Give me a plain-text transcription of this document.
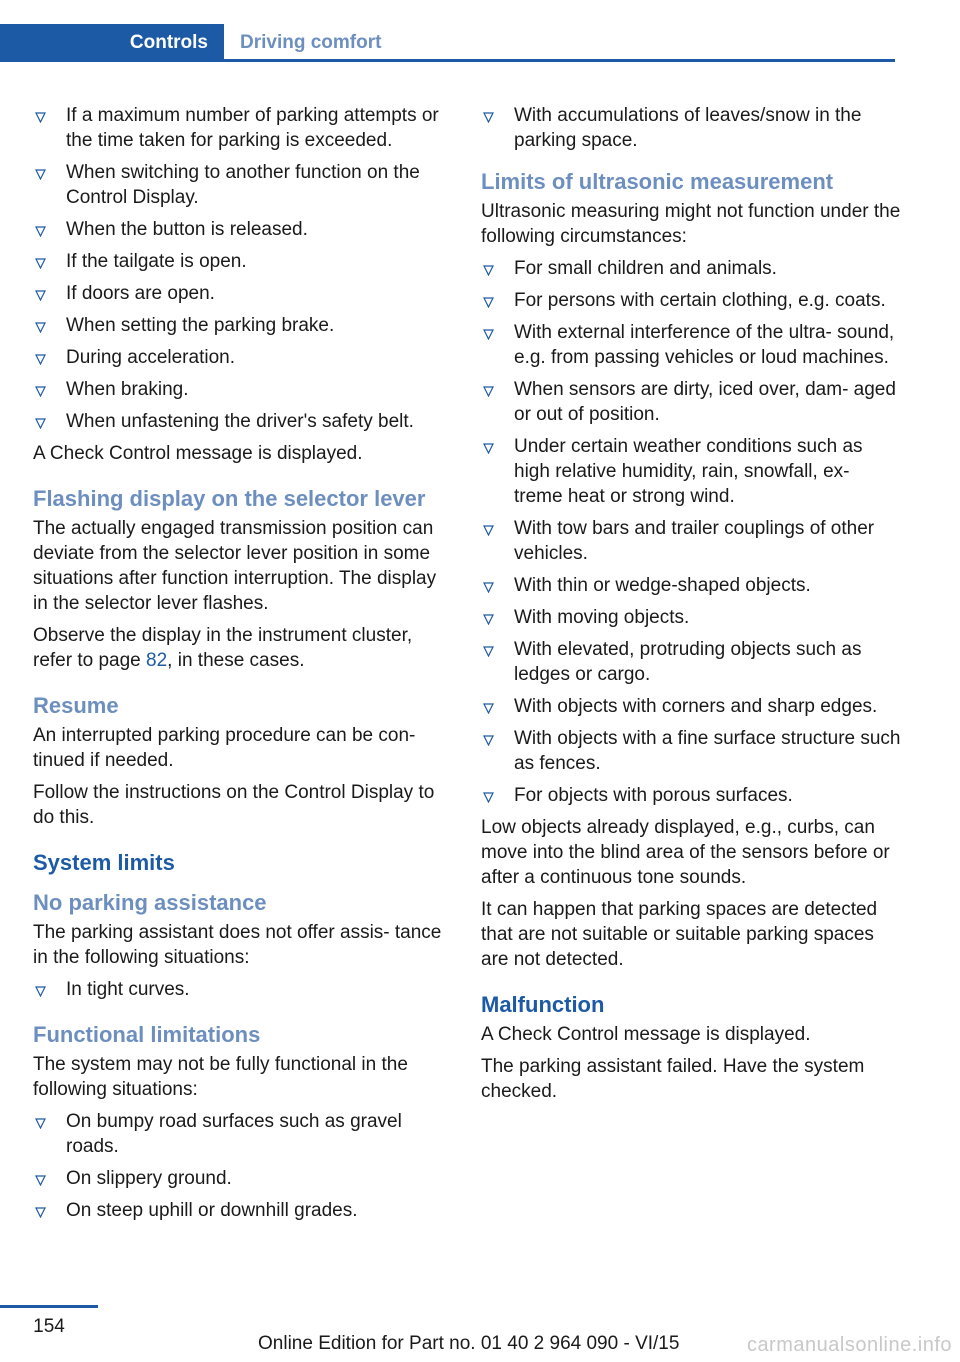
Controls Driving comfort
If a maximum number of parking attempts or the time taken for parking is exceeded.
When switching to another function on the Control Display.
When the button is released.
If the tailgate is open.
If doors are open.
When setting the parking brake.
During acceleration.
When braking.
When unfastening the driver's safety belt.

A Check Control message is displayed.

Flashing display on the selector lever

The actually engaged transmission position can deviate from the selector lever position in some situations after function interruption. The display in the selector lever flashes.

Observe the display in the instrument cluster, refer to page 82, in these cases.

Resume

An interrupted parking procedure can be con‐ tinued if needed.

Follow the instructions on the Control Display to do this.

System limits
No parking assistance

The parking assistant does not offer assis‐ tance in the following situations:

In tight curves.
Functional limitations

The system may not be fully functional in the following situations:

On bumpy road surfaces such as gravel roads.
On slippery ground.
On steep uphill or downhill grades.
With accumulations of leaves/snow in the parking space.
Limits of ultrasonic measurement

Ultrasonic measuring might not function under the following circumstances:

For small children and animals.
For persons with certain clothing, e.g. coats.
With external interference of the ultra‐ sound, e.g. from passing vehicles or loud machines.
When sensors are dirty, iced over, dam‐ aged or out of position.
Under certain weather conditions such as high relative humidity, rain, snowfall, ex‐ treme heat or strong wind.
With tow bars and trailer couplings of other vehicles.
With thin or wedge-shaped objects.
With moving objects.
With elevated, protruding objects such as ledges or cargo.
With objects with corners and sharp edges.
With objects with a fine surface structure such as fences.
For objects with porous surfaces.

Low objects already displayed, e.g., curbs, can move into the blind area of the sensors before or after a continuous tone sounds.

It can happen that parking spaces are detected that are not suitable or suitable parking spaces are not detected.

Malfunction

A Check Control message is displayed.

The parking assistant failed. Have the system checked.

154
Online Edition for Part no. 01 40 2 964 090 - VI/15	carmanualsonline.info
